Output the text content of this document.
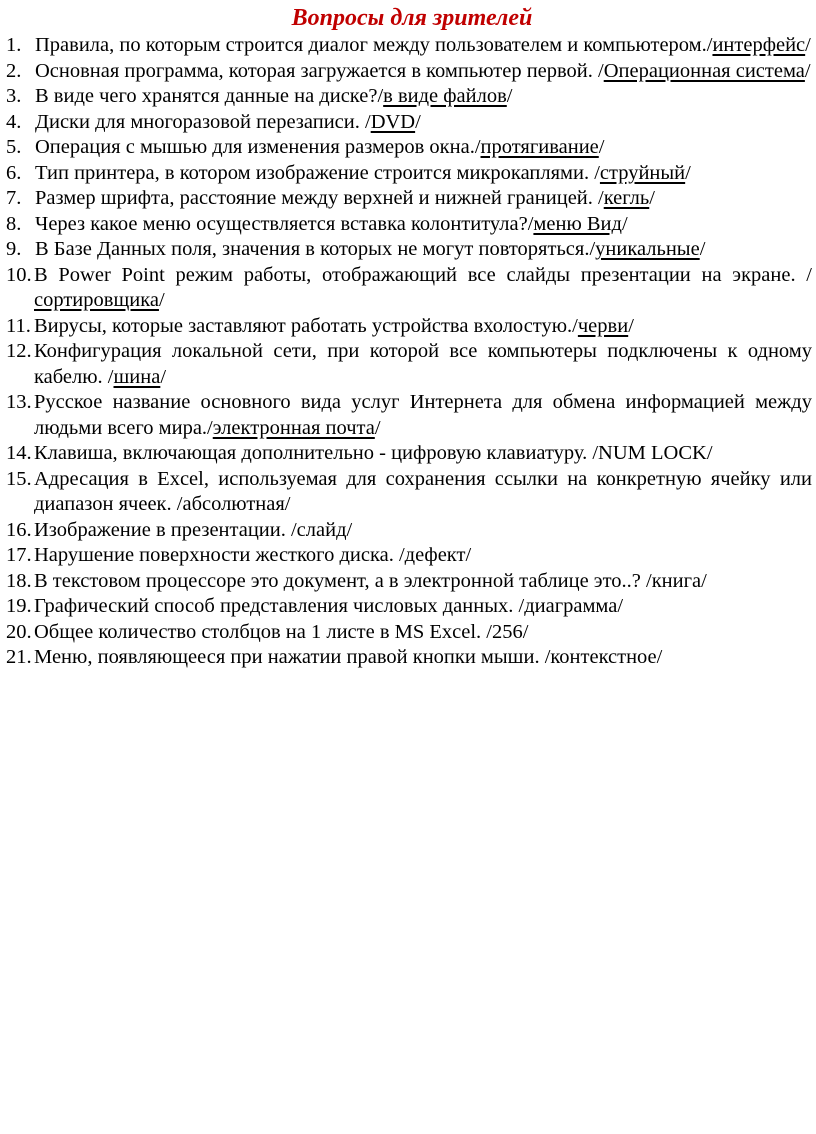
Вопросы для зрителей
1. Правила, по которым строится диалог между пользователем и компьютером./интерфейс/
2. Основная программа, которая загружается в компьютер первой. /Операционная система/
3. В виде чего хранятся данные на диске?/в виде файлов/
4. Диски для многоразовой перезаписи. /DVD/
5. Операция с мышью для изменения размеров окна./протягивание/
6. Тип принтера, в котором изображение строится микрокаплями. /струйный/
7. Размер шрифта, расстояние между верхней и нижней границей. /кегль/
8. Через какое меню осуществляется вставка колонтитула?/меню Вид/
9. В Базе Данных поля, значения в которых не могут повторяться./уникальные/
10. В Power Point режим работы, отображающий все слайды презентации на экране. /сортировщика/
11. Вирусы, которые заставляют работать устройства вхолостую./черви/
12. Конфигурация локальной сети, при которой все компьютеры подключены к одному кабелю. /шина/
13. Русское название основного вида услуг Интернета для обмена информацией между людьми всего мира./электронная почта/
14. Клавиша, включающая дополнительно - цифровую клавиатуру. /NUM LOCK/
15. Адресация в Excel, используемая для сохранения ссылки на конкретную ячейку или диапазон ячеек. /абсолютная/
16. Изображение в презентации. /слайд/
17. Нарушение поверхности жесткого диска. /дефект/
18. В текстовом процессоре это документ, а в электронной таблице это..? /книга/
19. Графический способ представления числовых данных. /диаграмма/
20. Общее количество столбцов на 1 листе в MS Excel. /256/
21. Меню, появляющееся при нажатии правой кнопки мыши. /контекстное/
